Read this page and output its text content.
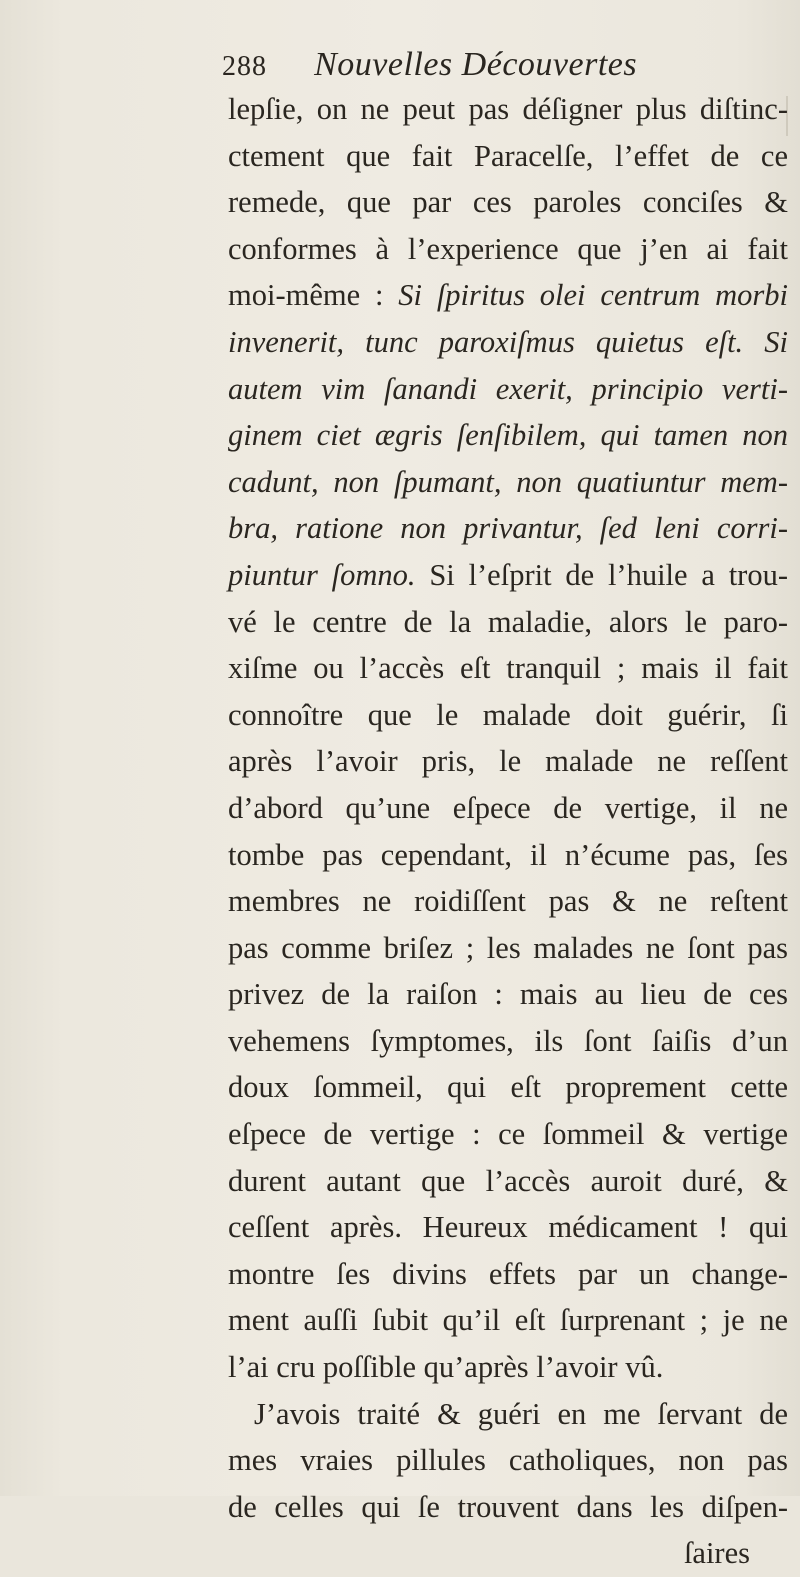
288 Nouvelles Découvertes
lepſie, on ne peut pas déſigner plus diſtinc-
ctement que fait Paracelſe, l’effet de ce
remede, que par ces paroles conciſes &
conformes à l’experience que j’en ai fait
moi-même : Si ſpiritus olei centrum morbi
invenerit, tunc paroxiſmus quietus eſt. Si
autem vim ſanandi exerit, principio verti-
ginem ciet ægris ſenſibilem, qui tamen non
cadunt, non ſpumant, non quatiuntur mem-
bra, ratione non privantur, ſed leni corri-
piuntur ſomno. Si l’eſprit de l’huile a trou-
vé le centre de la maladie, alors le paro-
xiſme ou l’accès eſt tranquil ; mais il fait
connoître que le malade doit guérir, ſi
après l’avoir pris, le malade ne reſſent
d’abord qu’une eſpece de vertige, il ne
tombe pas cependant, il n’écume pas, ſes
membres ne roidiſſent pas & ne reſtent
pas comme briſez ; les malades ne ſont pas
privez de la raiſon : mais au lieu de ces
vehemens ſymptomes, ils ſont ſaiſis d’un
doux ſommeil, qui eſt proprement cette
eſpece de vertige : ce ſommeil & vertige
durent autant que l’accès auroit duré, &
ceſſent après. Heureux médicament ! qui
montre ſes divins effets par un change-
ment auſſi ſubit qu’il eſt ſurprenant ; je ne
l’ai cru poſſible qu’après l’avoir vû.
J’avois traité & guéri en me ſervant de
mes vraies pillules catholiques, non pas
de celles qui ſe trouvent dans les diſpen-
ſaires
